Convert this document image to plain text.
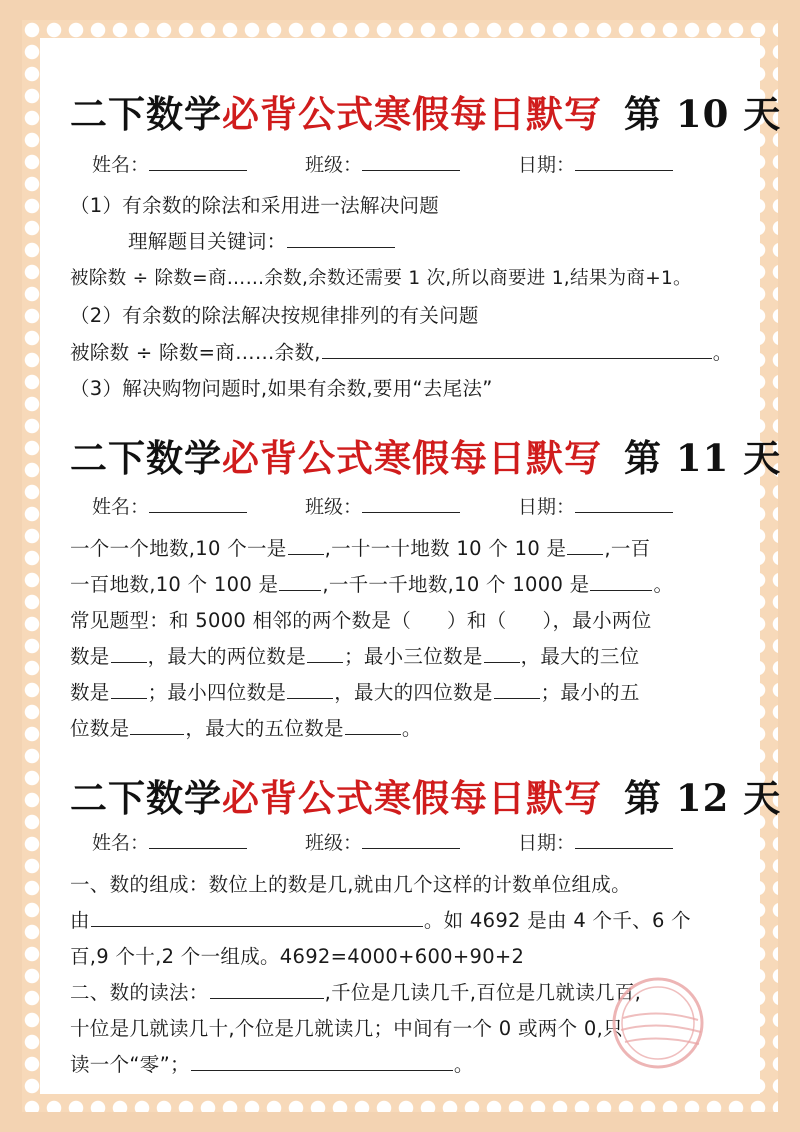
二下数学必背公式寒假每日默写 第 10 天
姓名：	班级：	日期：
（1）有余数的除法和采用进一法解决问题
理解题目关键词：
被除数 ÷ 除数=商……余数,余数还需要 1 次,所以商要进 1,结果为商+1。
（2）有余数的除法解决按规律排列的有关问题
被除数 ÷ 除数=商……余数,	。
（3）解决购物问题时,如果有余数,要用“去尾法”
二下数学必背公式寒假每日默写 第 11 天
姓名：	班级：	日期：
一个一个地数,10 个一是 ,一十一十地数 10 个 10 是 ,一百
一百地数,10 个 100 是 ,一千一千地数,10 个 1000 是	。
常见题型：和 5000 相邻的两个数是（ ）和（ ），最小两位
数是 ，最大的两位数是 ；最小三位数是 ，最大的三位
数是 ；最小四位数是 ，最大的四位数是 ；最小的五
位数是	，最大的五位数是	。
二下数学必背公式寒假每日默写 第 12 天
姓名：	班级：	日期：
一、数的组成：数位上的数是几,就由几个这样的计数单位组成。
由	。如 4692 是由 4 个千、6 个
百,9 个十,2 个一组成。4692=4000+600+90+2
二、数的读法：	,千位是几读几千,百位是几就读几百,
十位是几就读几十,个位是几就读几；中间有一个 0 或两个 0,只
读一个“零”；	。
